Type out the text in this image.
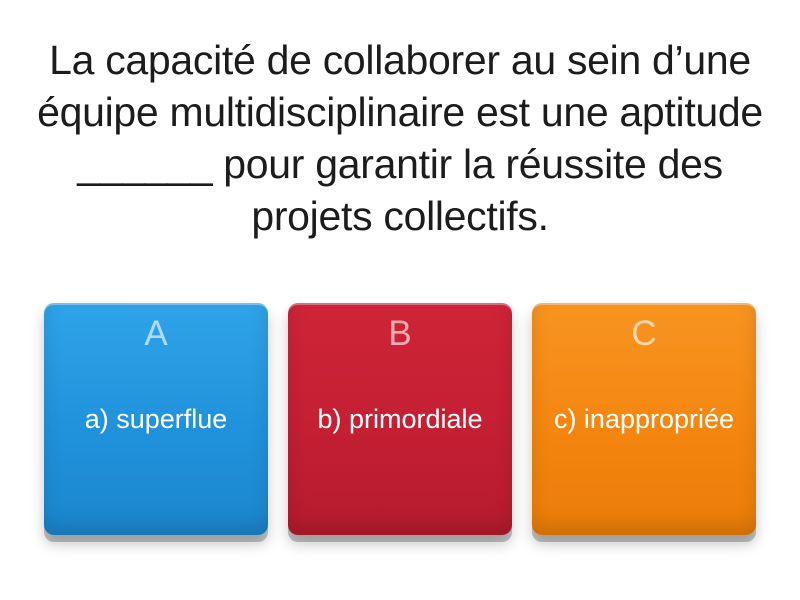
La capacité de collaborer au sein d’une équipe multidisciplinaire est une aptitude ______ pour garantir la réussite des projets collectifs.
A
a) superflue
B
b) primordiale
C
c) inappropriée
